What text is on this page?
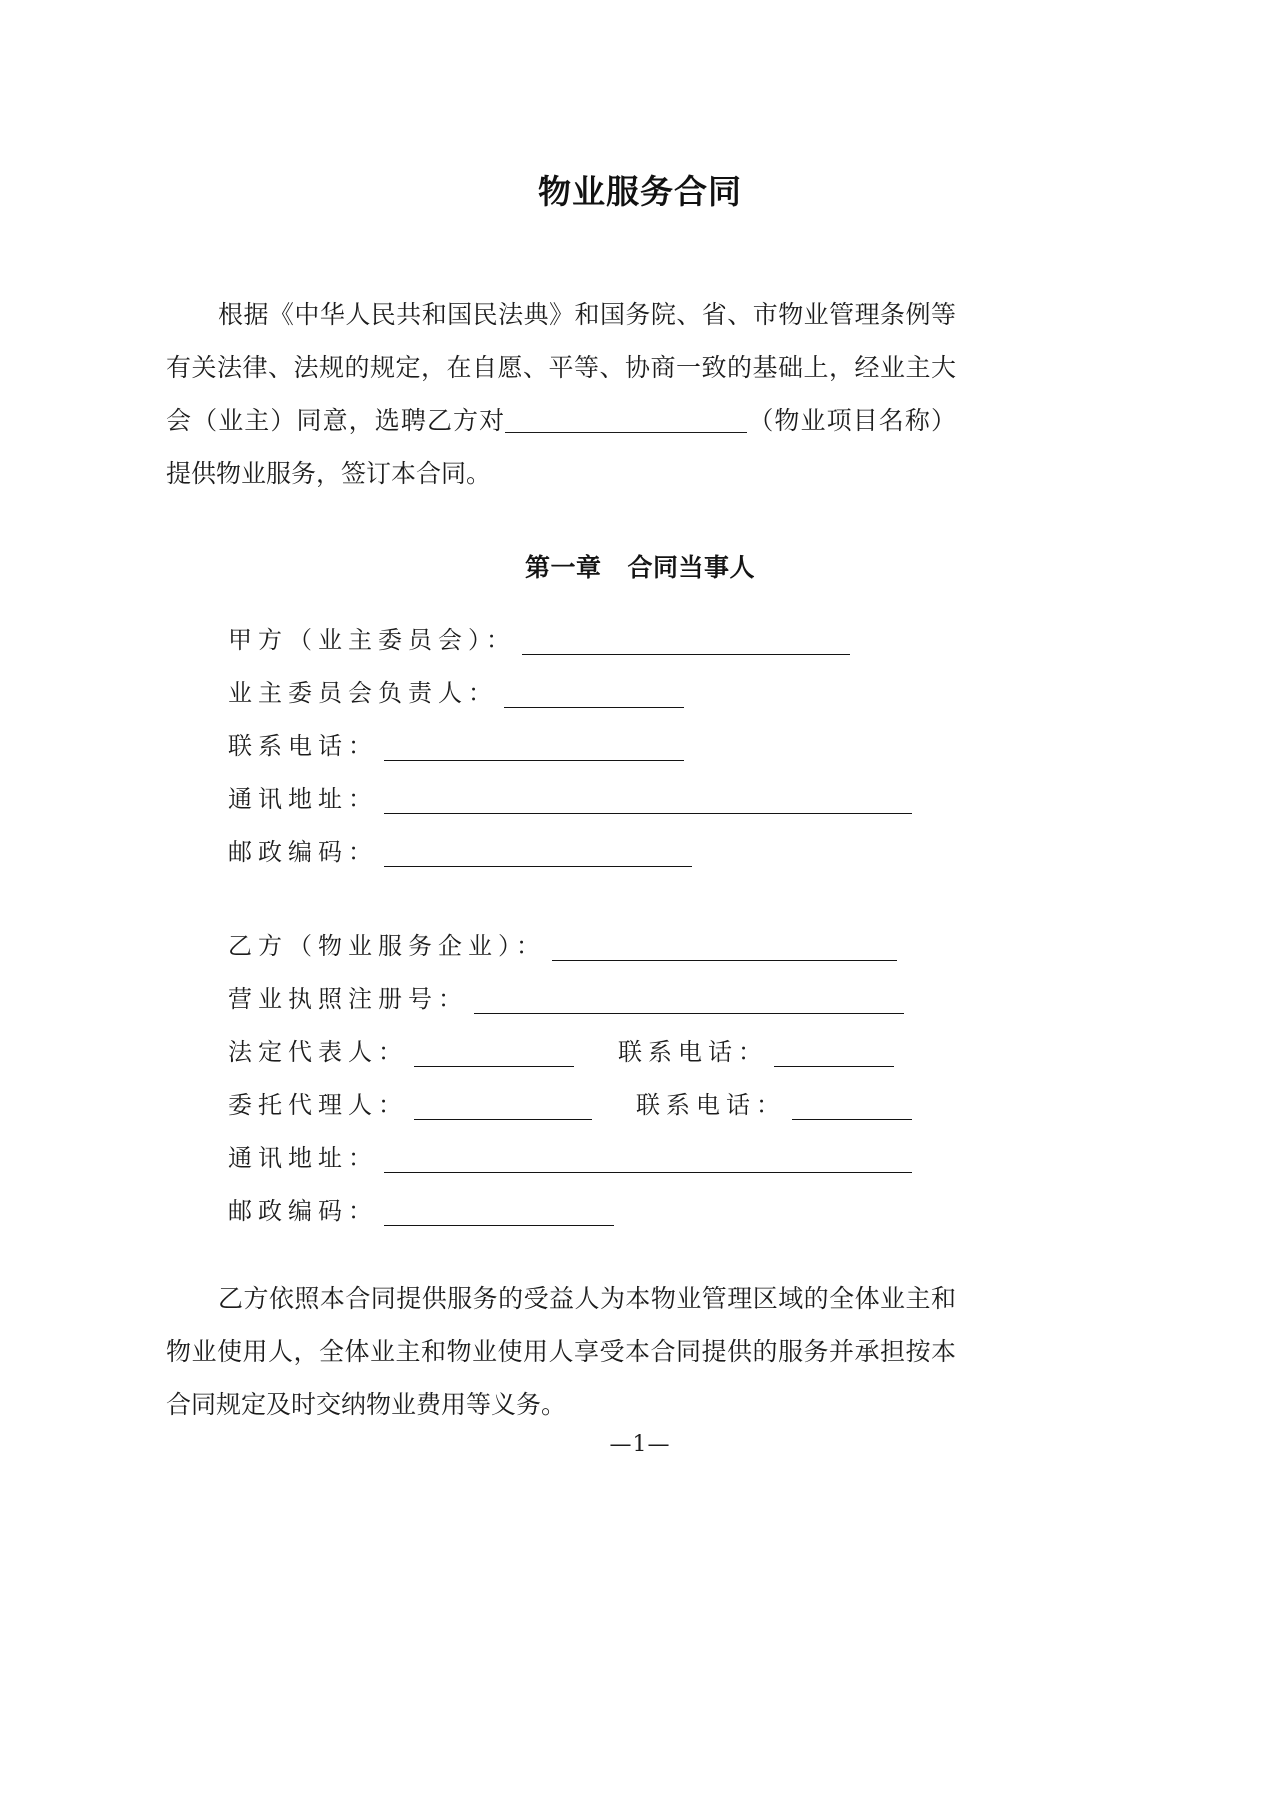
物业服务合同
根据《中华人民共和国民法典》和国务院、省、市物业管理条例等有关法律、法规的规定，在自愿、平等、协商一致的基础上，经业主大会（业主）同意，选聘乙方对	（物业项目名称）提供物业服务，签订本合同。
第一章 合同当事人
甲方（业主委员会）：
业主委员会负责人：
联系电话：
通讯地址：
邮政编码：
乙方（物业服务企业）：
营业执照注册号：
法定代表人：	联系电话：
委托代理人：	联系电话：
通讯地址：
邮政编码：
乙方依照本合同提供服务的受益人为本物业管理区域的全体业主和物业使用人，全体业主和物业使用人享受本合同提供的服务并承担按本合同规定及时交纳物业费用等义务。
—1—
